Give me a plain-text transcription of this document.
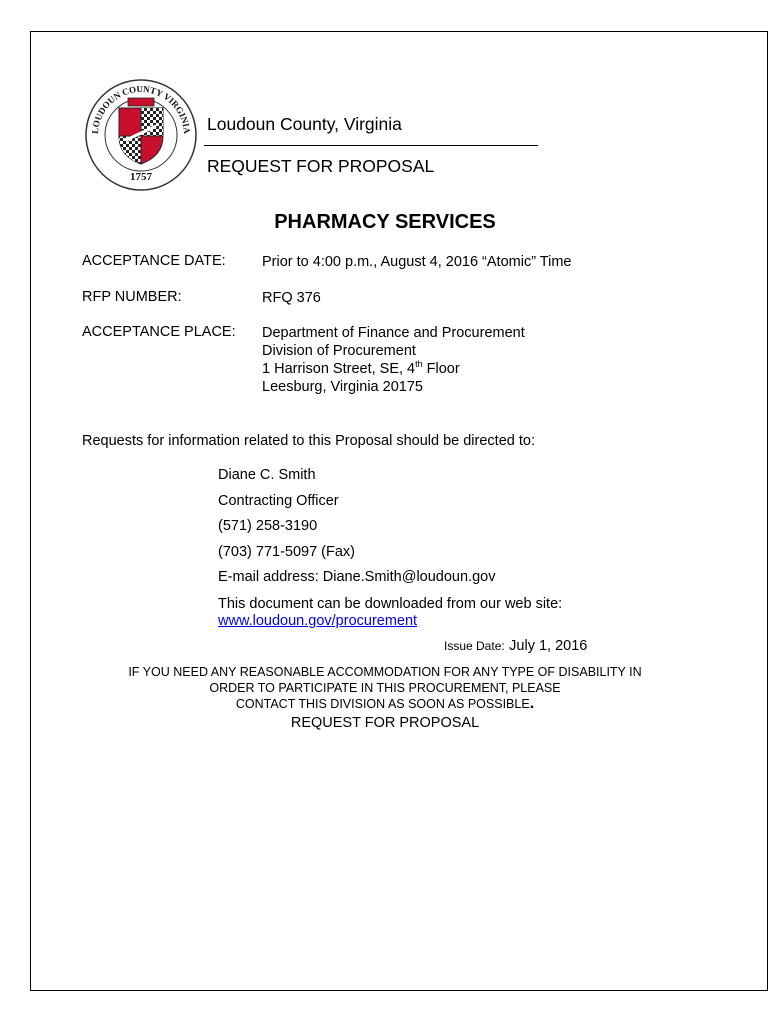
LOUDOUN COUNTY VIRGINIA
1757
Loudoun County, Virginia
REQUEST FOR PROPOSAL
PHARMACY SERVICES
ACCEPTANCE DATE:	Prior to 4:00 p.m., August 4, 2016 “Atomic” Time
RFP NUMBER:	RFQ 376
ACCEPTANCE PLACE: Department of Finance and Procurement
Division of Procurement
1 Harrison Street, SE, 4th Floor
Leesburg, Virginia 20175
Requests for information related to this Proposal should be directed to:
Diane C. Smith
Contracting Officer
(571) 258-3190
(703) 771-5097 (Fax)
E-mail address: Diane.Smith@loudoun.gov
This document can be downloaded from our web site:
www.loudoun.gov/procurement
Issue Date: July 1, 2016
IF YOU NEED ANY REASONABLE ACCOMMODATION FOR ANY TYPE OF DISABILITY IN
ORDER TO PARTICIPATE IN THIS PROCUREMENT, PLEASE
CONTACT THIS DIVISION AS SOON AS POSSIBLE.
REQUEST FOR PROPOSAL
